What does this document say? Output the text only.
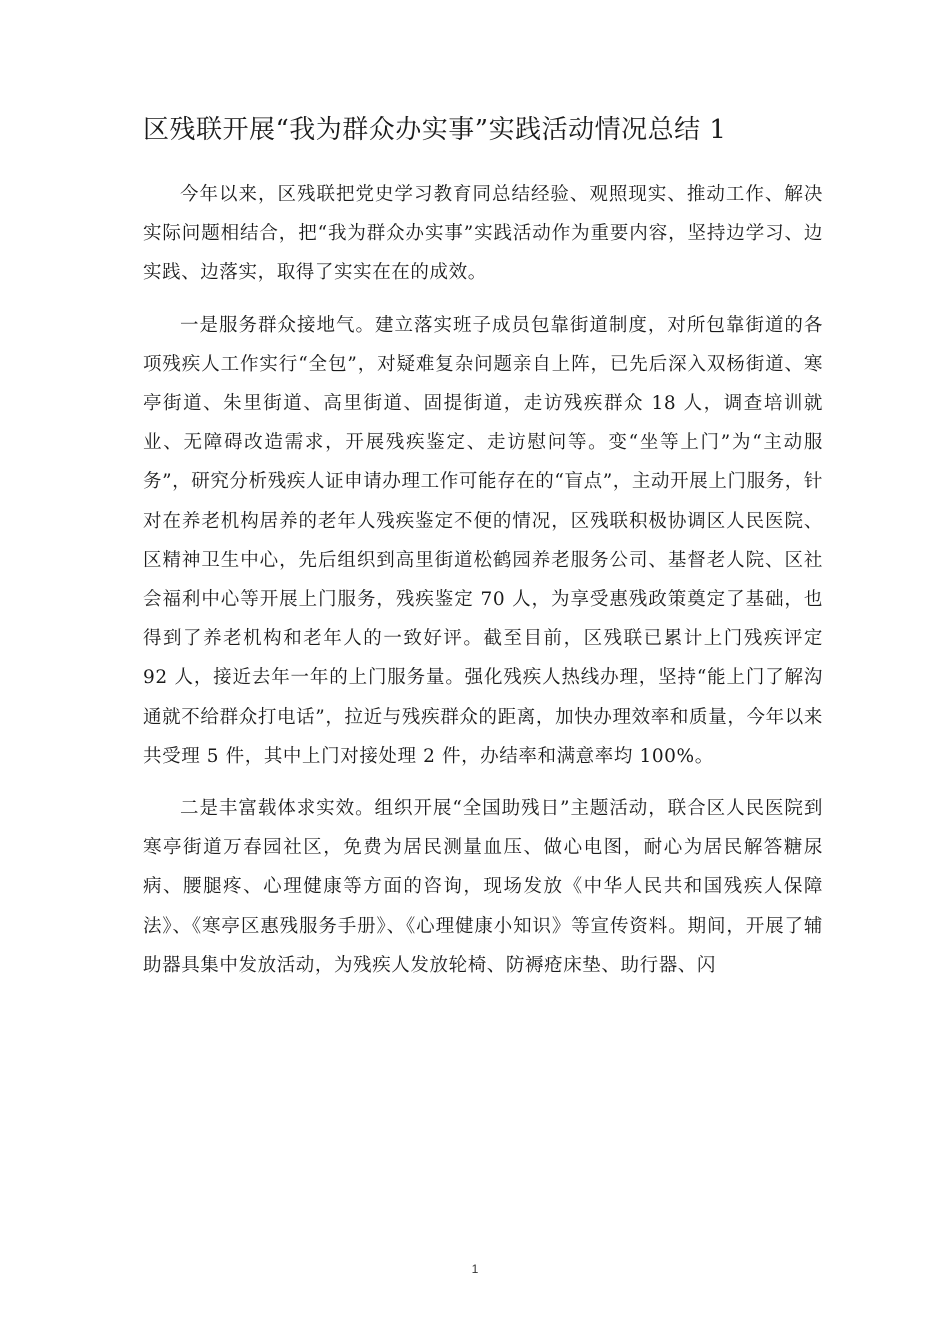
区残联开展“我为群众办实事”实践活动情况总结 1

今年以来，区残联把党史学习教育同总结经验、观照现实、推动工作、解决实际问题相结合，把“我为群众办实事”实践活动作为重要内容，坚持边学习、边实践、边落实，取得了实实在在的成效。

一是服务群众接地气。建立落实班子成员包靠街道制度，对所包靠街道的各项残疾人工作实行“全包”，对疑难复杂问题亲自上阵，已先后深入双杨街道、寒亭街道、朱里街道、高里街道、固提街道，走访残疾群众 18 人，调查培训就业、无障碍改造需求，开展残疾鉴定、走访慰问等。变“坐等上门”为“主动服务”，研究分析残疾人证申请办理工作可能存在的“盲点”，主动开展上门服务，针对在养老机构居养的老年人残疾鉴定不便的情况，区残联积极协调区人民医院、区精神卫生中心，先后组织到高里街道松鹤园养老服务公司、基督老人院、区社会福利中心等开展上门服务，残疾鉴定 70 人，为享受惠残政策奠定了基础，也得到了养老机构和老年人的一致好评。截至目前，区残联已累计上门残疾评定 92 人，接近去年一年的上门服务量。强化残疾人热线办理，坚持“能上门了解沟通就不给群众打电话”，拉近与残疾群众的距离，加快办理效率和质量，今年以来共受理 5 件，其中上门对接处理 2 件，办结率和满意率均 100%。

二是丰富载体求实效。组织开展“全国助残日”主题活动，联合区人民医院到寒亭街道万春园社区，免费为居民测量血压、做心电图，耐心为居民解答糖尿病、腰腿疼、心理健康等方面的咨询，现场发放《中华人民共和国残疾人保障法》、《寒亭区惠残服务手册》、《心理健康小知识》等宣传资料。期间，开展了辅助器具集中发放活动，为残疾人发放轮椅、防褥疮床垫、助行器、闪

1
